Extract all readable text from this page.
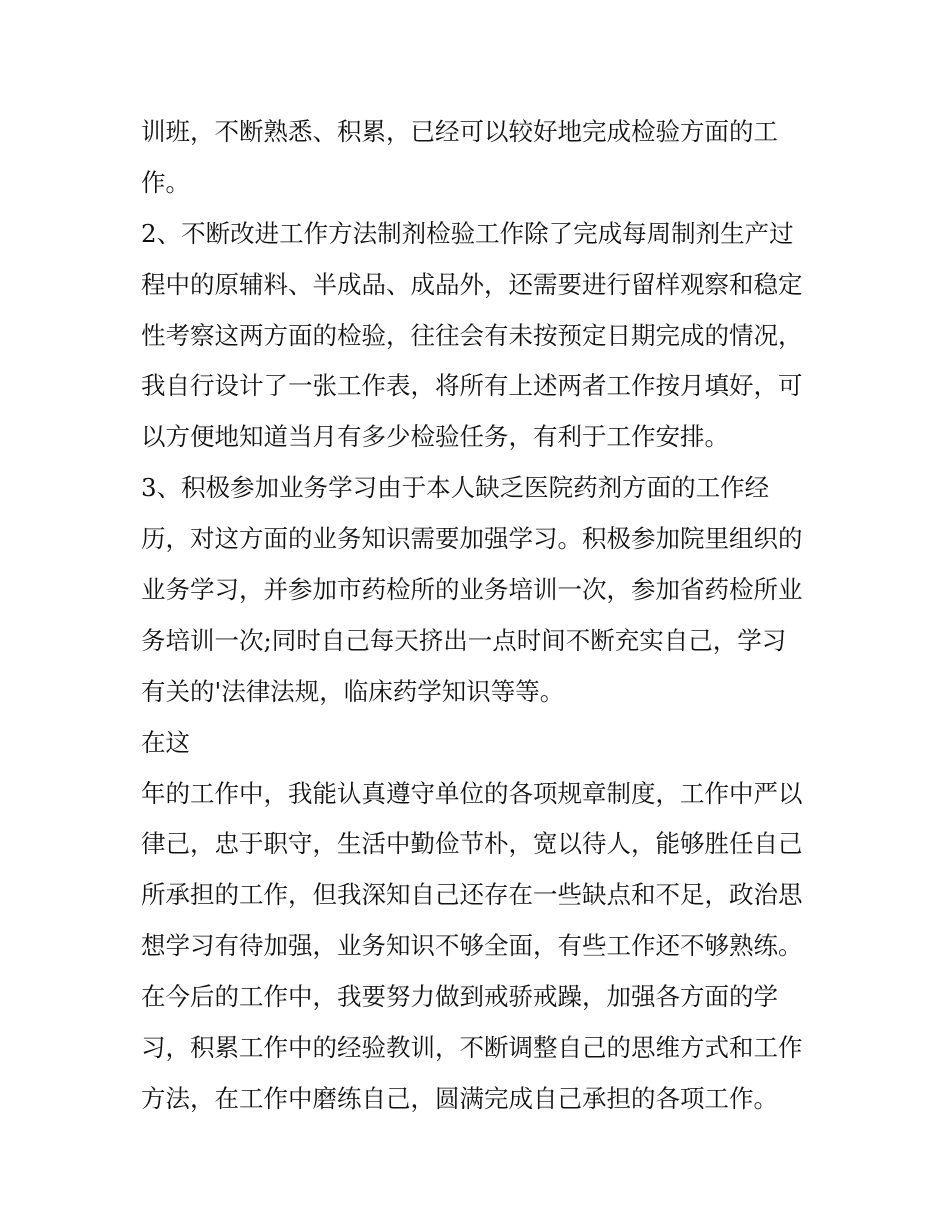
训班，不断熟悉、积累，已经可以较好地完成检验方面的工
作。
2、不断改进工作方法制剂检验工作除了完成每周制剂生产过
程中的原辅料、半成品、成品外，还需要进行留样观察和稳定
性考察这两方面的检验，往往会有未按预定日期完成的情况，
我自行设计了一张工作表，将所有上述两者工作按月填好，可
以方便地知道当月有多少检验任务，有利于工作安排。
3、积极参加业务学习由于本人缺乏医院药剂方面的工作经
历，对这方面的业务知识需要加强学习。积极参加院里组织的
业务学习，并参加市药检所的业务培训一次，参加省药检所业
务培训一次;同时自己每天挤出一点时间不断充实自己，学习
有关的'法律法规，临床药学知识等等。
在这
年的工作中，我能认真遵守单位的各项规章制度，工作中严以
律己，忠于职守，生活中勤俭节朴，宽以待人，能够胜任自己
所承担的工作，但我深知自己还存在一些缺点和不足，政治思
想学习有待加强，业务知识不够全面，有些工作还不够熟练。
在今后的工作中，我要努力做到戒骄戒躁，加强各方面的学
习，积累工作中的经验教训，不断调整自己的思维方式和工作
方法，在工作中磨练自己，圆满完成自己承担的各项工作。
